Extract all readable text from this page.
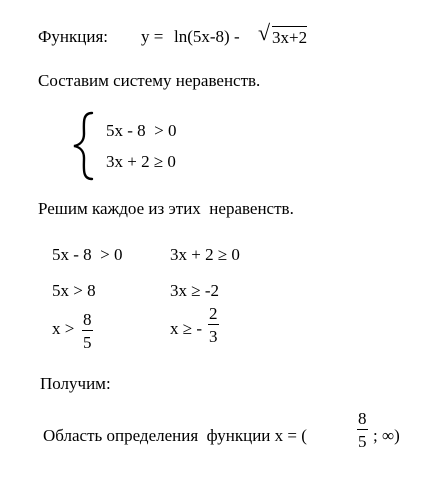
Функция: y = ln(5x-8) - √ 3x+2
Составим систему неравенств.
5x - 8  > 0
3x + 2 ≥ 0
Решим каждое из этих  неравенств.
5x - 8  > 0
5x > 8
x > 8
5
3x + 2 ≥ 0
3x ≥ -2
x ≥ -
2
3
Получим:
Область определения  функции x = (
8
5 ; ∞)
